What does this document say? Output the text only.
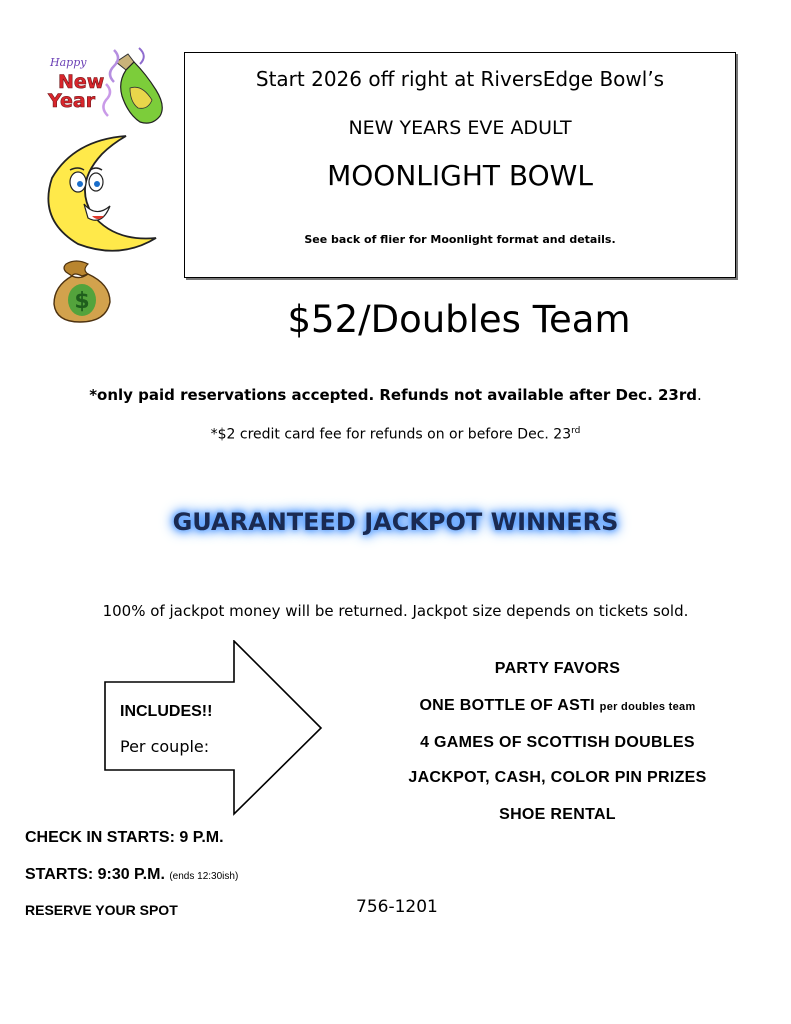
Happy
New
Year
$
Start 2026 off right at RiversEdge Bowl’s
NEW YEARS EVE ADULT
MOONLIGHT BOWL
See back of flier for Moonlight format and details.
$52/Doubles Team
*only paid reservations accepted. Refunds not available after Dec. 23rd.
*$2 credit card fee for refunds on or before Dec. 23rd
GUARANTEED JACKPOT WINNERS
100% of jackpot money will be returned. Jackpot size depends on tickets sold.
INCLUDES!!
Per couple:
PARTY FAVORS
ONE BOTTLE OF ASTI per doubles team
4 GAMES OF SCOTTISH DOUBLES
JACKPOT, CASH, COLOR PIN PRIZES
SHOE RENTAL
CHECK IN STARTS: 9 P.M.
STARTS: 9:30 P.M. (ends 12:30ish)
RESERVE YOUR SPOT	756-1201
